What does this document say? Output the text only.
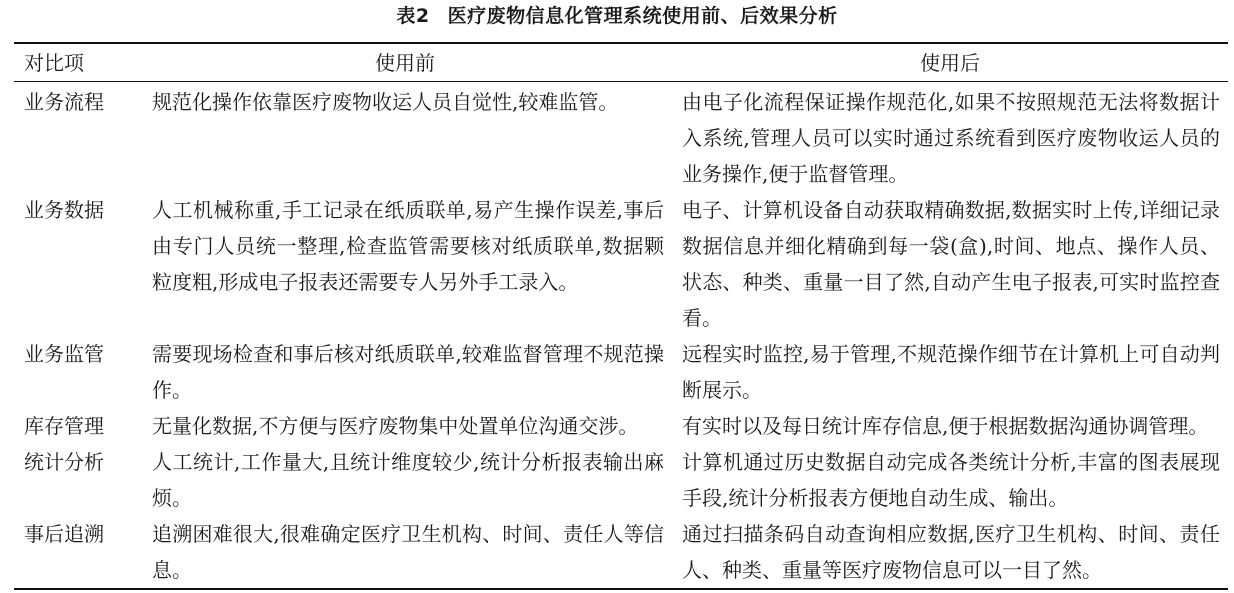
表2 医疗废物信息化管理系统使用前、后效果分析
对比项	使用前	使用后
业务流程	规范化操作依靠医疗废物收运人员自觉性,较难监管。	由电子化流程保证操作规范化,如果不按照规范无法将数据计入系统,管理人员可以实时通过系统看到医疗废物收运人员的业务操作,便于监督管理。
业务数据	人工机械称重,手工记录在纸质联单,易产生操作误差,事后由专门人员统一整理,检查监管需要核对纸质联单,数据颗粒度粗,形成电子报表还需要专人另外手工录入。	电子、计算机设备自动获取精确数据,数据实时上传,详细记录数据信息并细化精确到每一袋(盒),时间、地点、操作人员、状态、种类、重量一目了然,自动产生电子报表,可实时监控查看。
业务监管	需要现场检查和事后核对纸质联单,较难监督管理不规范操作。	远程实时监控,易于管理,不规范操作细节在计算机上可自动判断展示。
库存管理	无量化数据,不方便与医疗废物集中处置单位沟通交涉。	有实时以及每日统计库存信息,便于根据数据沟通协调管理。
统计分析	人工统计,工作量大,且统计维度较少,统计分析报表输出麻烦。	计算机通过历史数据自动完成各类统计分析,丰富的图表展现手段,统计分析报表方便地自动生成、输出。
事后追溯	追溯困难很大,很难确定医疗卫生机构、时间、责任人等信息。	通过扫描条码自动查询相应数据,医疗卫生机构、时间、责任人、种类、重量等医疗废物信息可以一目了然。
